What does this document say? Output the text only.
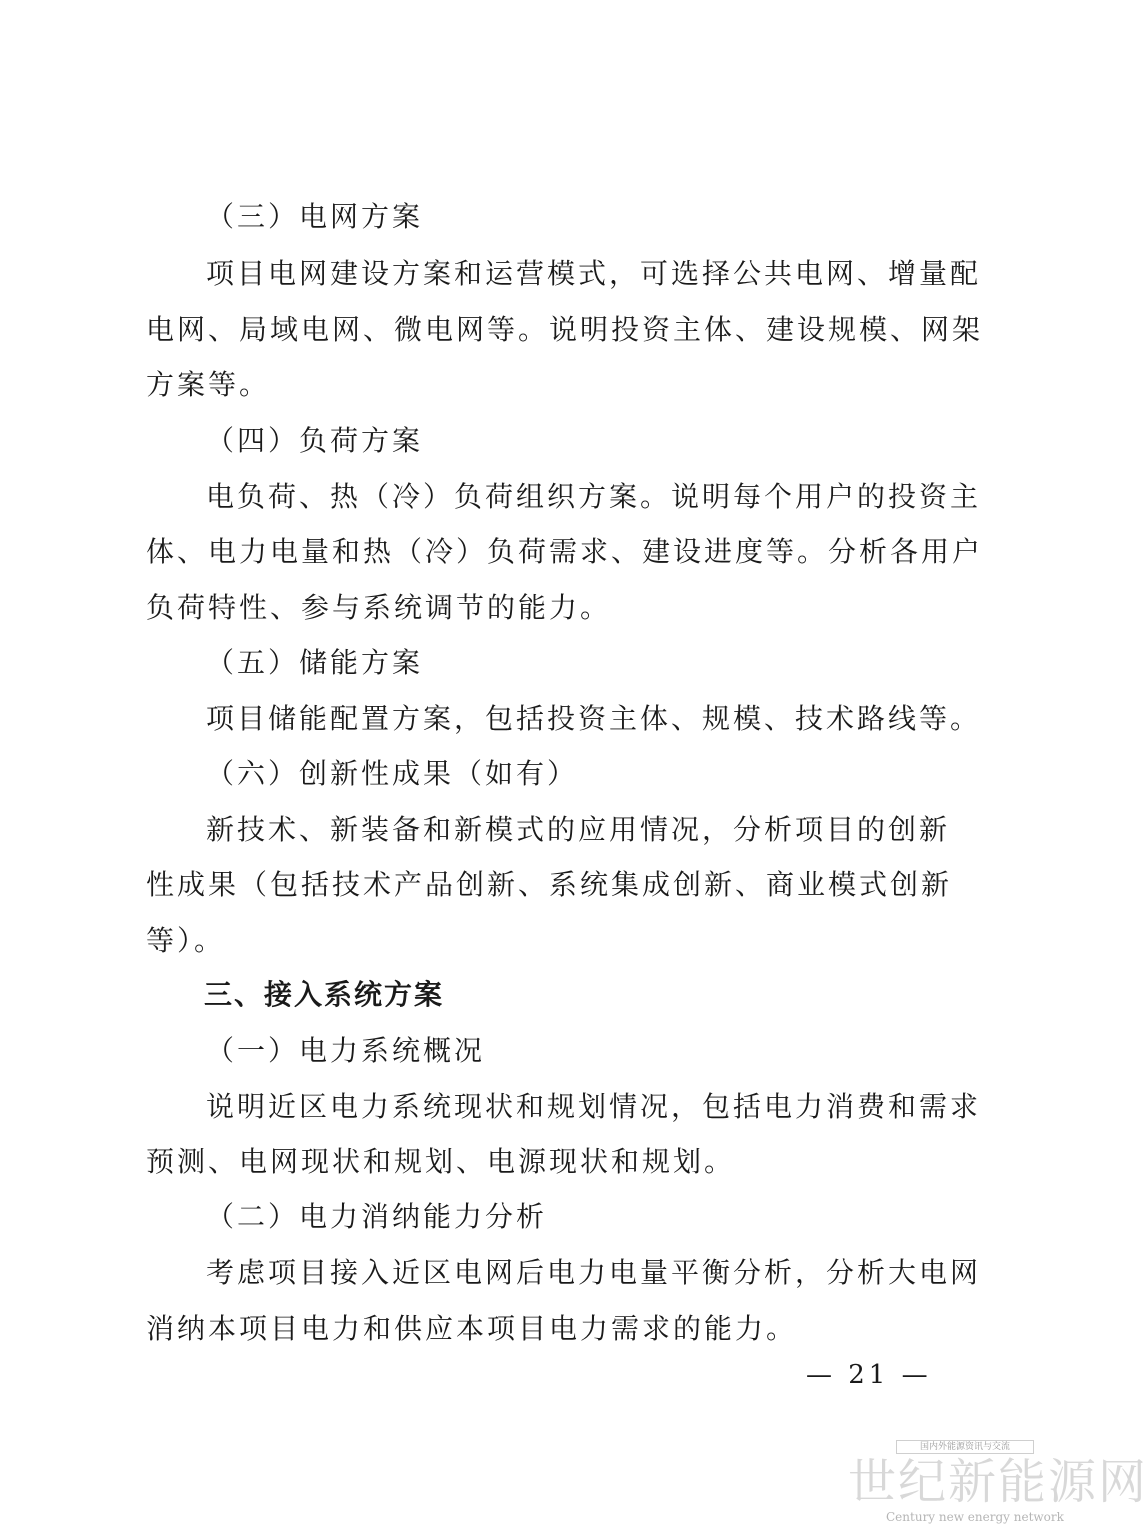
（三）电网方案
项目电网建设方案和运营模式，可选择公共电网、增量配
电网、局域电网、微电网等。说明投资主体、建设规模、网架
方案等。
（四）负荷方案
电负荷、热（冷）负荷组织方案。说明每个用户的投资主
体、电力电量和热（冷）负荷需求、建设进度等。分析各用户
负荷特性、参与系统调节的能力。
（五）储能方案
项目储能配置方案，包括投资主体、规模、技术路线等。
（六）创新性成果（如有）
新技术、新装备和新模式的应用情况，分析项目的创新
性成果（包括技术产品创新、系统集成创新、商业模式创新
等）。
三、接入系统方案
（一）电力系统概况
说明近区电力系统现状和规划情况，包括电力消费和需求
预测、电网现状和规划、电源现状和规划。
（二）电力消纳能力分析
考虑项目接入近区电网后电力电量平衡分析，分析大电网
消纳本项目电力和供应本项目电力需求的能力。
— 21 —
国内外能源资讯与交流
世纪新能源网
Century new energy network
